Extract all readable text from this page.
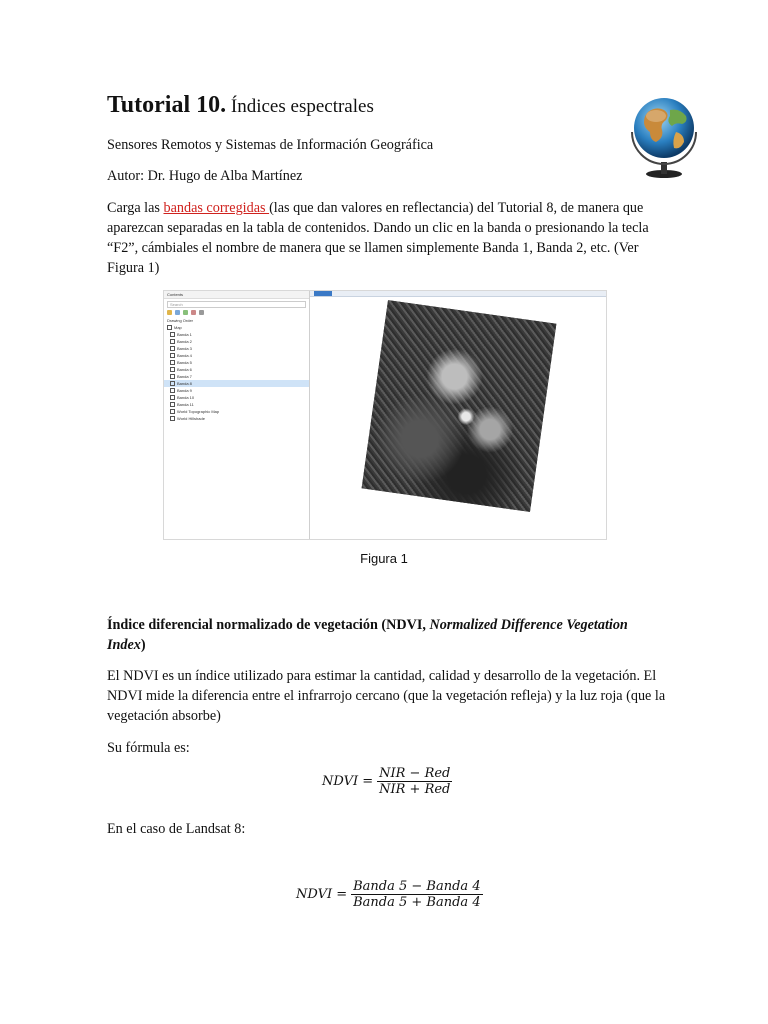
Tutorial 10. Índices espectrales
Sensores Remotos y Sistemas de Información Geográfica
Autor: Dr. Hugo de Alba Martínez
Carga las bandas corregidas (las que dan valores en reflectancia) del Tutorial 8, de manera que aparezcan separadas en la tabla de contenidos. Dando un clic en la banda o presionando la tecla “F2”, cámbiales el nombre de manera que se llamen simplemente Banda 1, Banda 2, etc. (Ver Figura 1)
Contents
Search
Drawing Order
Map
Banda 1
Banda 2
Banda 3
Banda 4
Banda 5
Banda 6
Banda 7
Banda 8
Banda 9
Banda 10
Banda 11
World Topographic Map
World Hillshade
Figura 1
Índice diferencial normalizado de vegetación (NDVI, Normalized Difference Vegetation Index)
El NDVI es un índice utilizado para estimar la cantidad, calidad y desarrollo de la vegetación. El NDVI mide la diferencia entre el infrarrojo cercano (que la vegetación refleja) y la luz roja (que la vegetación absorbe)
Su fórmula es:
NDVI = $\frac{\text{NIR − Red}}{\text{NIR + Red}}$
En el caso de Landsat 8:
NDVI = $\frac{\text{Banda 5 − Banda 4}}{\text{Banda 5 + Banda 4}}$
